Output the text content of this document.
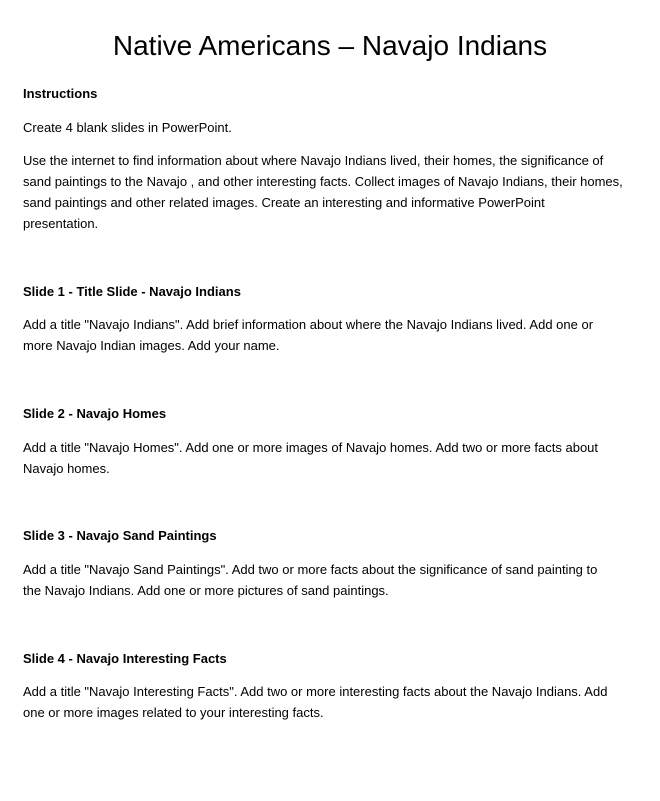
Native Americans – Navajo Indians

Instructions

Create 4 blank slides in PowerPoint.

Use the internet to find information about where Navajo Indians lived, their homes, the significance of
sand paintings to the Navajo , and other interesting facts. Collect images of Navajo Indians, their homes,
sand paintings and other related images. Create an interesting and informative PowerPoint
presentation.

Slide 1 - Title Slide - Navajo Indians

Add a title "Navajo Indians". Add brief information about where the Navajo Indians lived. Add one or
more Navajo Indian images. Add your name.

Slide 2 - Navajo Homes

Add a title "Navajo Homes". Add one or more images of Navajo homes. Add two or more facts about
Navajo homes.

Slide 3 - Navajo Sand Paintings

Add a title "Navajo Sand Paintings". Add two or more facts about the significance of sand painting to
the Navajo Indians. Add one or more pictures of sand paintings.

Slide 4 - Navajo Interesting Facts

Add a title "Navajo Interesting Facts". Add two or more interesting facts about the Navajo Indians. Add
one or more images related to your interesting facts.
